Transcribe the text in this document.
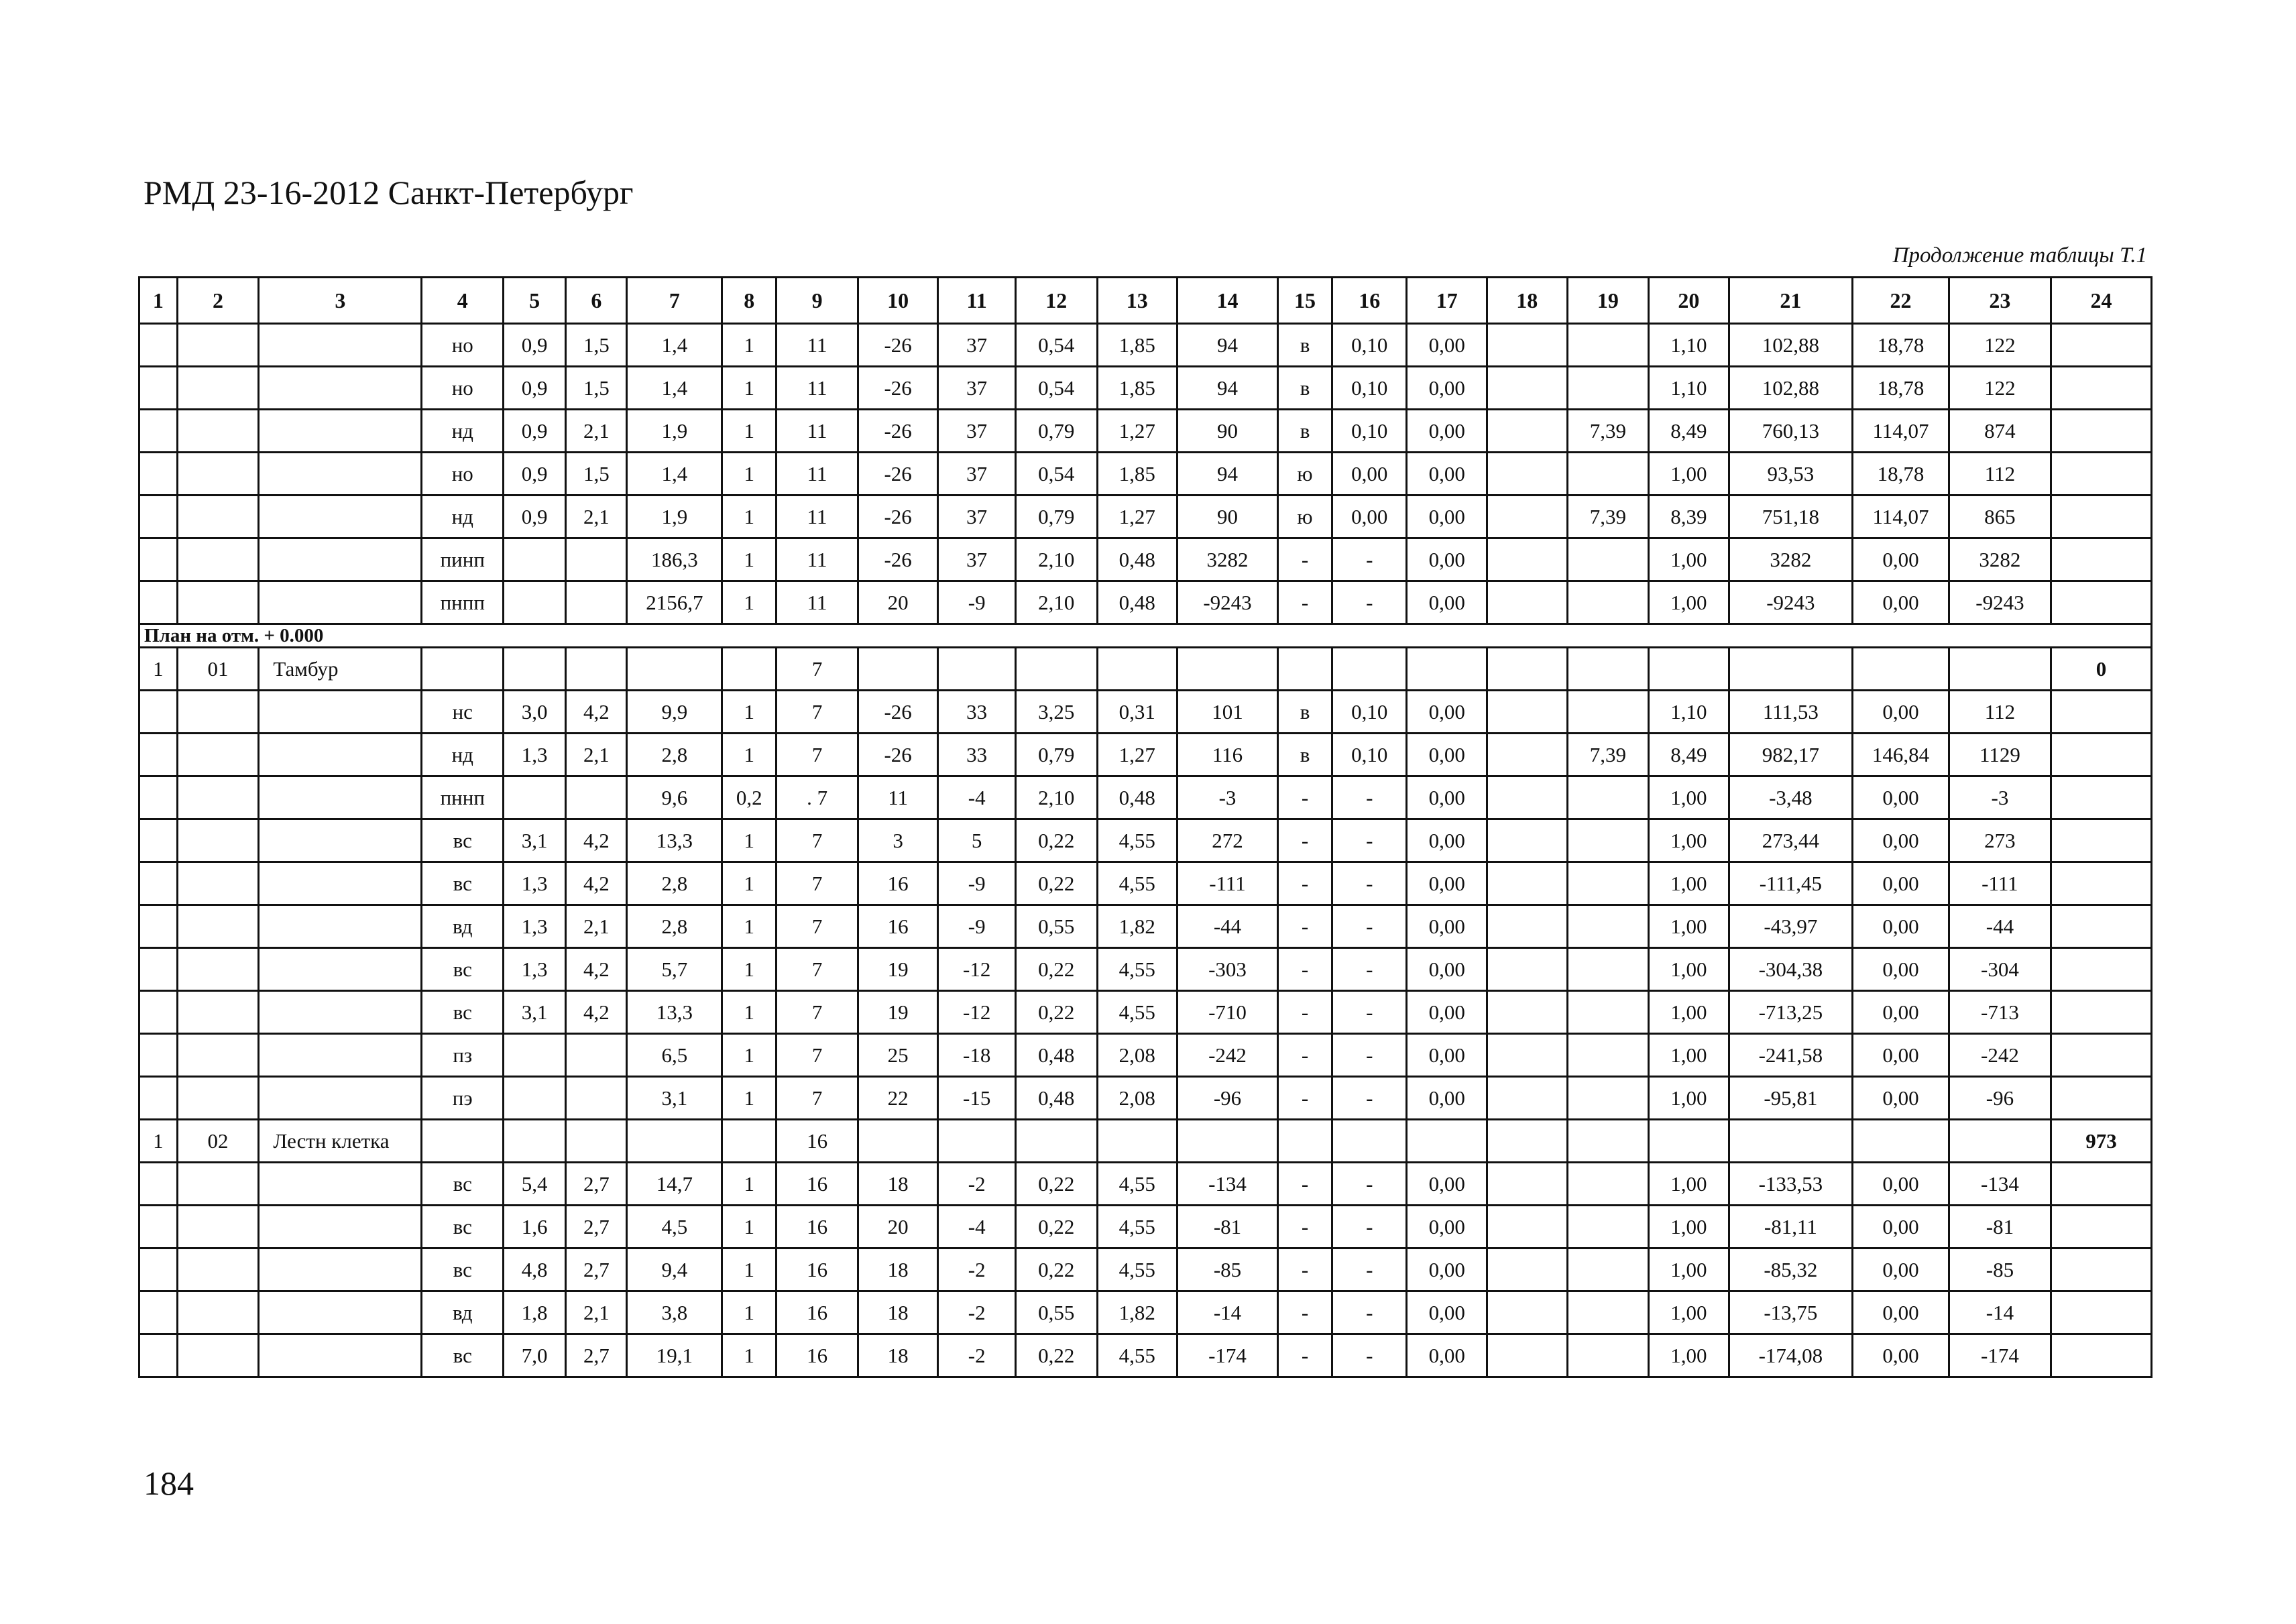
РМД 23-16-2012 Санкт-Петербург
Продолжение таблицы Т.1
1	2	3	4	5	6	7	8	9	10	11	12	13	14	15	16	17	18	19	20	21	22	23	24
			но	0,9	1,5	1,4	1	11	-26	37	0,54	1,85	94	в	0,10	0,00			1,10	102,88	18,78	122	
			но	0,9	1,5	1,4	1	11	-26	37	0,54	1,85	94	в	0,10	0,00			1,10	102,88	18,78	122	
			нд	0,9	2,1	1,9	1	11	-26	37	0,79	1,27	90	в	0,10	0,00		7,39	8,49	760,13	114,07	874	
			но	0,9	1,5	1,4	1	11	-26	37	0,54	1,85	94	ю	0,00	0,00			1,00	93,53	18,78	112	
			нд	0,9	2,1	1,9	1	11	-26	37	0,79	1,27	90	ю	0,00	0,00		7,39	8,39	751,18	114,07	865	
			пинп			186,3	1	11	-26	37	2,10	0,48	3282	-	-	0,00			1,00	3282	0,00	3282	
			пнпп			2156,7	1	11	20	-9	2,10	0,48	-9243	-	-	0,00			1,00	-9243	0,00	-9243	
План на отм. + 0.000																							
1	01	Тамбур						7															0
			нс	3,0	4,2	9,9	1	7	-26	33	3,25	0,31	101	в	0,10	0,00			1,10	111,53	0,00	112	
			нд	1,3	2,1	2,8	1	7	-26	33	0,79	1,27	116	в	0,10	0,00		7,39	8,49	982,17	146,84	1129	
			пннп			9,6	0,2	. 7	11	-4	2,10	0,48	-3	-	-	0,00			1,00	-3,48	0,00	-3	
			вс	3,1	4,2	13,3	1	7	3	5	0,22	4,55	272	-	-	0,00			1,00	273,44	0,00	273	
			вс	1,3	4,2	2,8	1	7	16	-9	0,22	4,55	-111	-	-	0,00			1,00	-111,45	0,00	-111	
			вд	1,3	2,1	2,8	1	7	16	-9	0,55	1,82	-44	-	-	0,00			1,00	-43,97	0,00	-44	
			вс	1,3	4,2	5,7	1	7	19	-12	0,22	4,55	-303	-	-	0,00			1,00	-304,38	0,00	-304	
			вс	3,1	4,2	13,3	1	7	19	-12	0,22	4,55	-710	-	-	0,00			1,00	-713,25	0,00	-713	
			пз			6,5	1	7	25	-18	0,48	2,08	-242	-	-	0,00			1,00	-241,58	0,00	-242	
			пэ			3,1	1	7	22	-15	0,48	2,08	-96	-	-	0,00			1,00	-95,81	0,00	-96	
1	02	Лестн клетка						16															973
			вс	5,4	2,7	14,7	1	16	18	-2	0,22	4,55	-134	-	-	0,00			1,00	-133,53	0,00	-134	
			вс	1,6	2,7	4,5	1	16	20	-4	0,22	4,55	-81	-	-	0,00			1,00	-81,11	0,00	-81	
			вс	4,8	2,7	9,4	1	16	18	-2	0,22	4,55	-85	-	-	0,00			1,00	-85,32	0,00	-85	
			вд	1,8	2,1	3,8	1	16	18	-2	0,55	1,82	-14	-	-	0,00			1,00	-13,75	0,00	-14	
			вс	7,0	2,7	19,1	1	16	18	-2	0,22	4,55	-174	-	-	0,00			1,00	-174,08	0,00	-174	
184
